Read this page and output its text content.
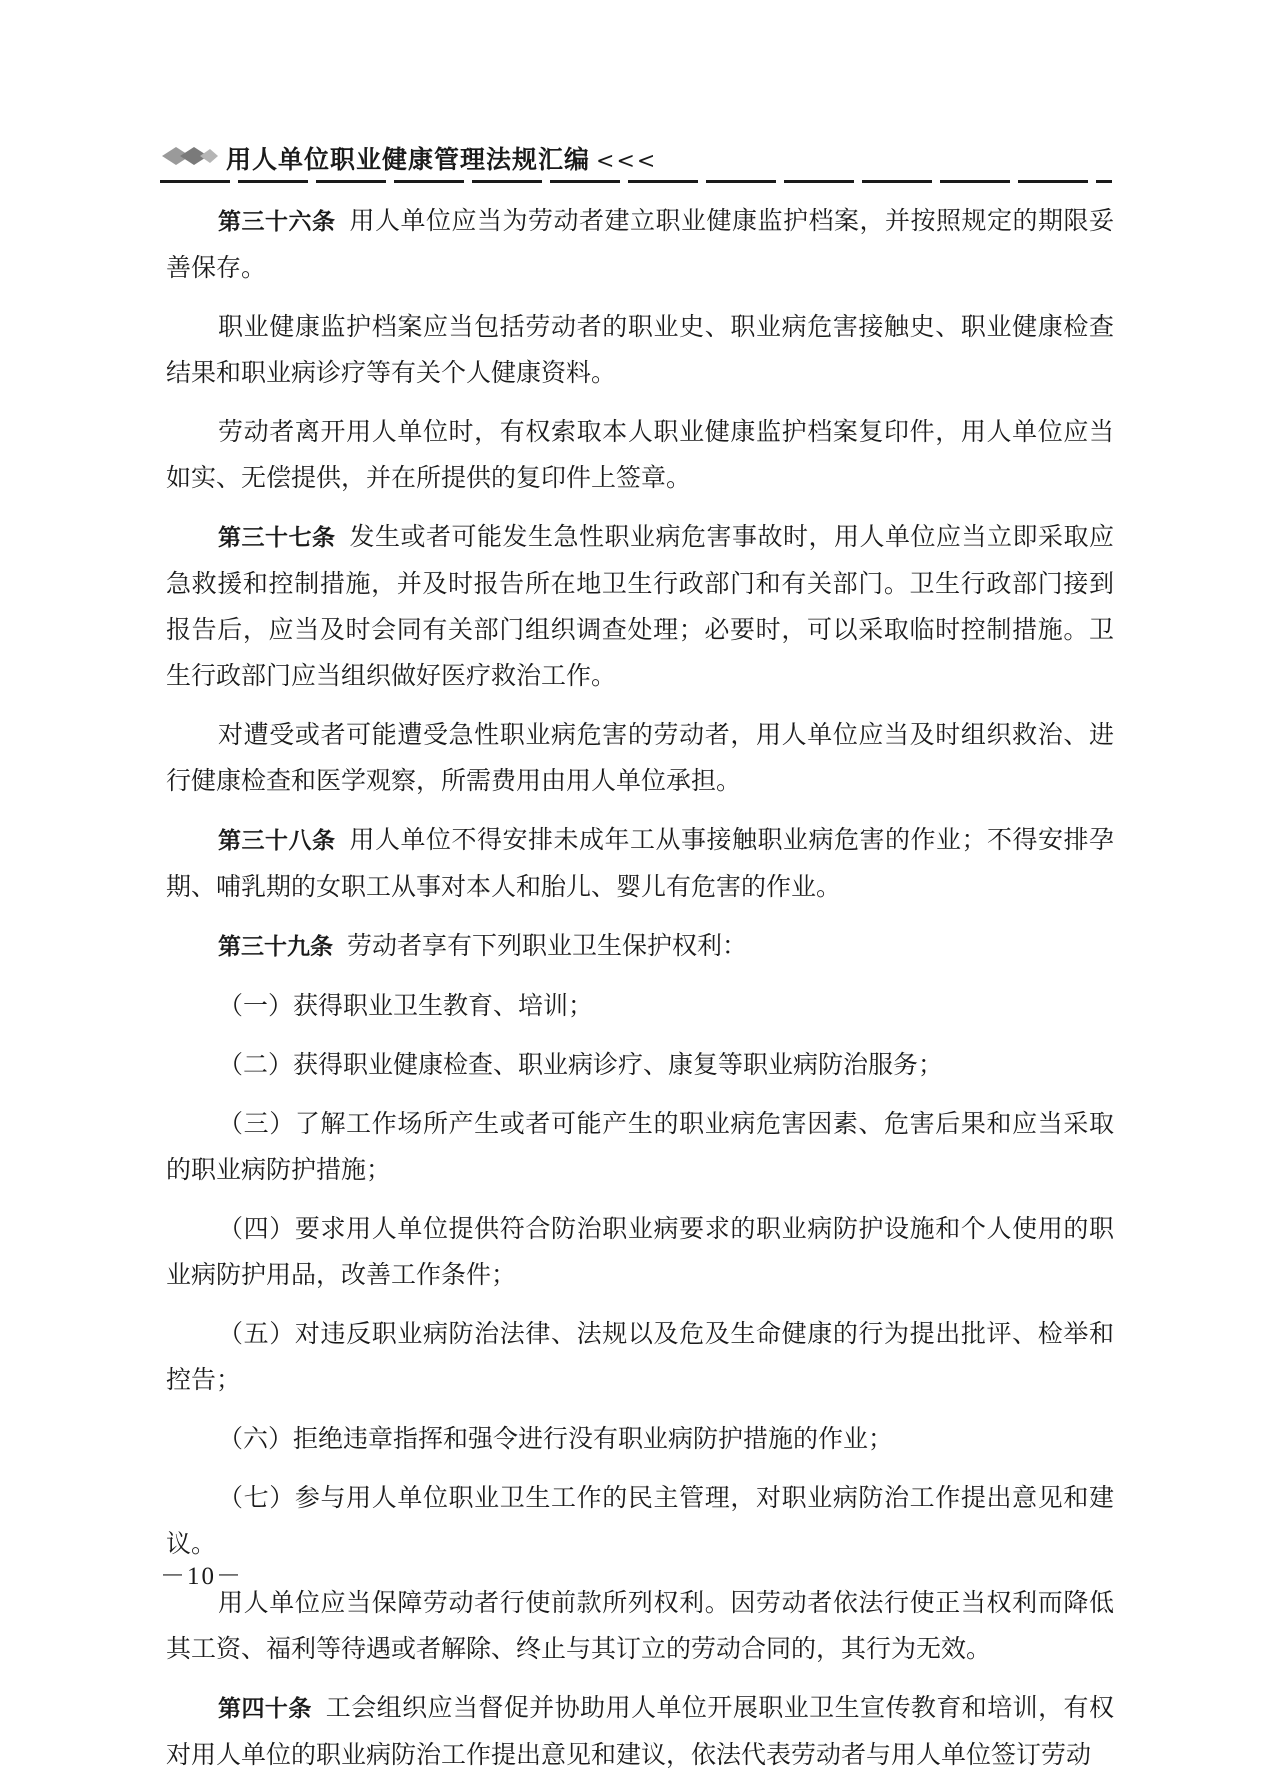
用人单位职业健康管理法规汇编 <<<

第三十六条 用人单位应当为劳动者建立职业健康监护档案，并按照规定的期限妥善保存。

职业健康监护档案应当包括劳动者的职业史、职业病危害接触史、职业健康检查结果和职业病诊疗等有关个人健康资料。

劳动者离开用人单位时，有权索取本人职业健康监护档案复印件，用人单位应当如实、无偿提供，并在所提供的复印件上签章。

第三十七条 发生或者可能发生急性职业病危害事故时，用人单位应当立即采取应急救援和控制措施，并及时报告所在地卫生行政部门和有关部门。卫生行政部门接到报告后，应当及时会同有关部门组织调查处理；必要时，可以采取临时控制措施。卫生行政部门应当组织做好医疗救治工作。

对遭受或者可能遭受急性职业病危害的劳动者，用人单位应当及时组织救治、进行健康检查和医学观察，所需费用由用人单位承担。

第三十八条 用人单位不得安排未成年工从事接触职业病危害的作业；不得安排孕期、哺乳期的女职工从事对本人和胎儿、婴儿有危害的作业。

第三十九条 劳动者享有下列职业卫生保护权利：

（一）获得职业卫生教育、培训；

（二）获得职业健康检查、职业病诊疗、康复等职业病防治服务；

（三）了解工作场所产生或者可能产生的职业病危害因素、危害后果和应当采取的职业病防护措施；

（四）要求用人单位提供符合防治职业病要求的职业病防护设施和个人使用的职业病防护用品，改善工作条件；

（五）对违反职业病防治法律、法规以及危及生命健康的行为提出批评、检举和控告；

（六）拒绝违章指挥和强令进行没有职业病防护措施的作业；

（七）参与用人单位职业卫生工作的民主管理，对职业病防治工作提出意见和建议。

用人单位应当保障劳动者行使前款所列权利。因劳动者依法行使正当权利而降低其工资、福利等待遇或者解除、终止与其订立的劳动合同的，其行为无效。

第四十条 工会组织应当督促并协助用人单位开展职业卫生宣传教育和培训，有权对用人单位的职业病防治工作提出意见和建议，依法代表劳动者与用人单位签订劳动

－10－
